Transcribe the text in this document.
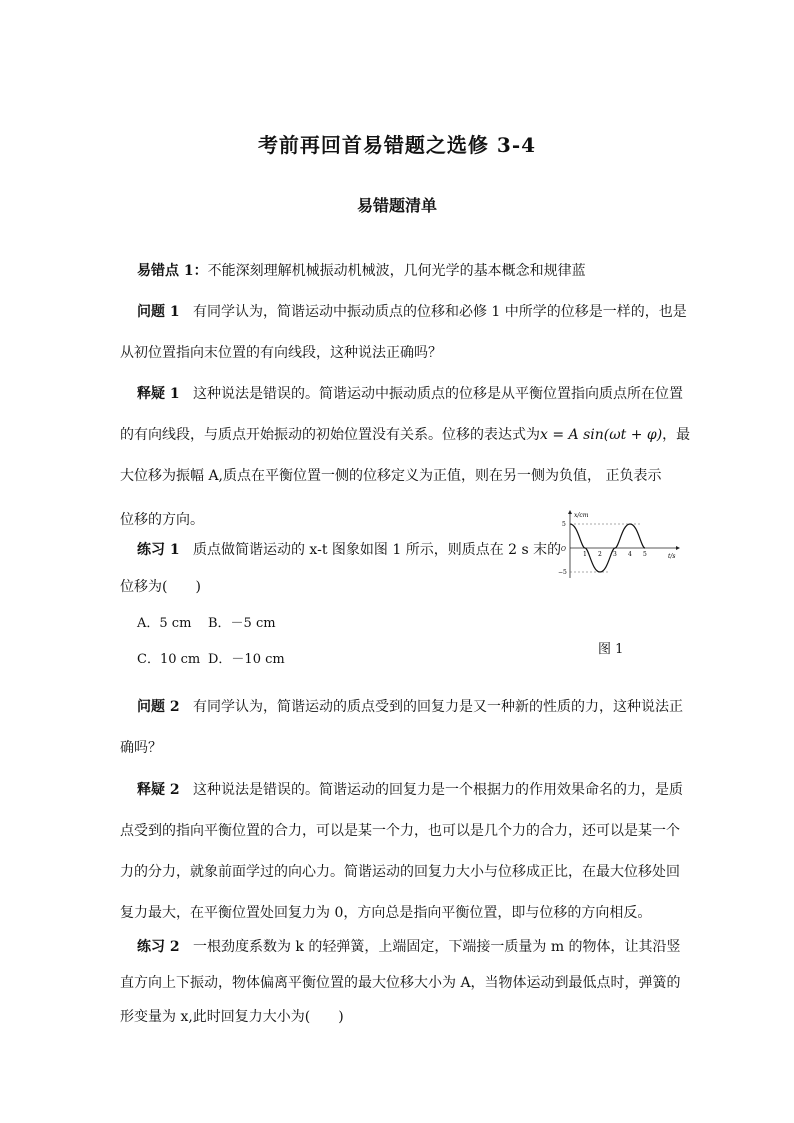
考前再回首易错题之选修 3-4
易错题清单
易错点 1：不能深刻理解机械振动机械波，几何光学的基本概念和规律蓝
问题 1 有同学认为，简谐运动中振动质点的位移和必修 1 中所学的位移是一样的，也是
从初位置指向末位置的有向线段，这种说法正确吗？
释疑 1 这种说法是错误的。简谐运动中振动质点的位移是从平衡位置指向质点所在位置
的有向线段，与质点开始振动的初始位置没有关系。位移的表达式为x = A sin(ωt + φ)，最
大位移为振幅 A,质点在平衡位置一侧的位移定义为正值，则在另一侧为负值， 正负表示
位移的方向。
练习 1 质点做简谐运动的 x-t 图象如图 1 所示，则质点在 2 s 末的
位移为(　　)
A．5 cm B．－5 cm
C．10 cm D．－10 cm
x/cm
t/s
O
5
−5
1 2 3 4 5
图 1
问题 2 有同学认为，简谐运动的质点受到的回复力是又一种新的性质的力，这种说法正
确吗？
释疑 2 这种说法是错误的。简谐运动的回复力是一个根据力的作用效果命名的力，是质
点受到的指向平衡位置的合力，可以是某一个力，也可以是几个力的合力，还可以是某一个
力的分力，就象前面学过的向心力。简谐运动的回复力大小与位移成正比，在最大位移处回
复力最大，在平衡位置处回复力为 0，方向总是指向平衡位置，即与位移的方向相反。
练习 2 一根劲度系数为 k 的轻弹簧，上端固定，下端接一质量为 m 的物体，让其沿竖
直方向上下振动，物体偏离平衡位置的最大位移大小为 A，当物体运动到最低点时，弹簧的
形变量为 x,此时回复力大小为(　　)
